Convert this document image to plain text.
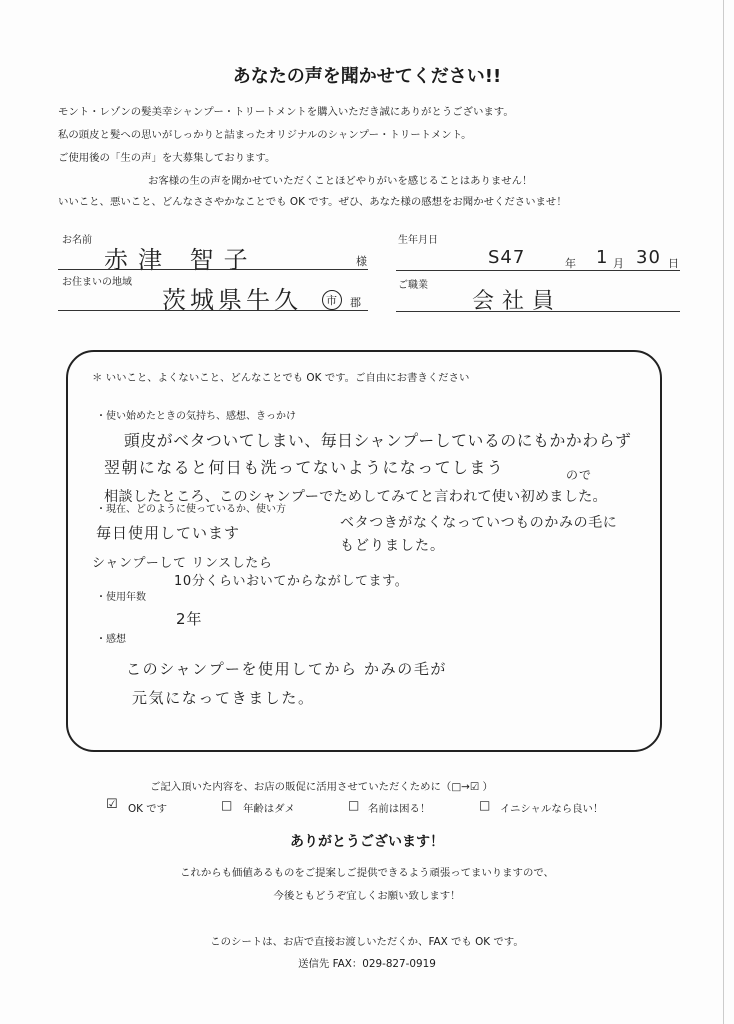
あなたの声を聞かせてください!!
モント・レゾンの髪美幸シャンプー・トリートメントを購入いただき誠にありがとうございます。
私の頭皮と髪への思いがしっかりと詰まったオリジナルのシャンプー・トリートメント。
ご使用後の「生の声」を大募集しております。
お客様の生の声を聞かせていただくことほどやりがいを感じることはありません！
いいこと、悪いこと、どんなささやかなことでも OK です。ぜひ、あなた様の感想をお聞かせくださいませ！
お名前
赤津 智子	様
生年月日
S47	年 1 月 30 日
お住まいの地域
茨城県牛久 市 郡
ご職業
会社員
＊ いいこと、よくないこと、どんなことでも OK です。ご自由にお書きください
・使い始めたときの気持ち、感想、きっかけ
頭皮がベタついてしまい、毎日シャンプーしているのにもかかわらず
翌朝になると何日も洗ってないようになってしまう	ので
相談したところ、このシャンプーでためしてみてと言われて使い初めました。
・現在、どのように使っているか、使い方
毎日使用しています
ベタつきがなくなっていつものかみの毛に
もどりました。
シャンプーして リンスしたら
10分くらいおいてからながしてます。
・使用年数
2年
・感想
このシャンプーを使用してから かみの毛が
元気になってきました。
ご記入頂いた内容を、お店の販促に活用させていただくために（□→☑ ）
☑ OK です	□ 年齢はダメ	□ 名前は困る！	□ イニシャルなら良い！
ありがとうございます！
これからも価値あるものをご提案しご提供できるよう頑張ってまいりますので、
今後ともどうぞ宜しくお願い致します！
このシートは、お店で直接お渡しいただくか、FAX でも OK です。
送信先 FAX：029-827-0919
